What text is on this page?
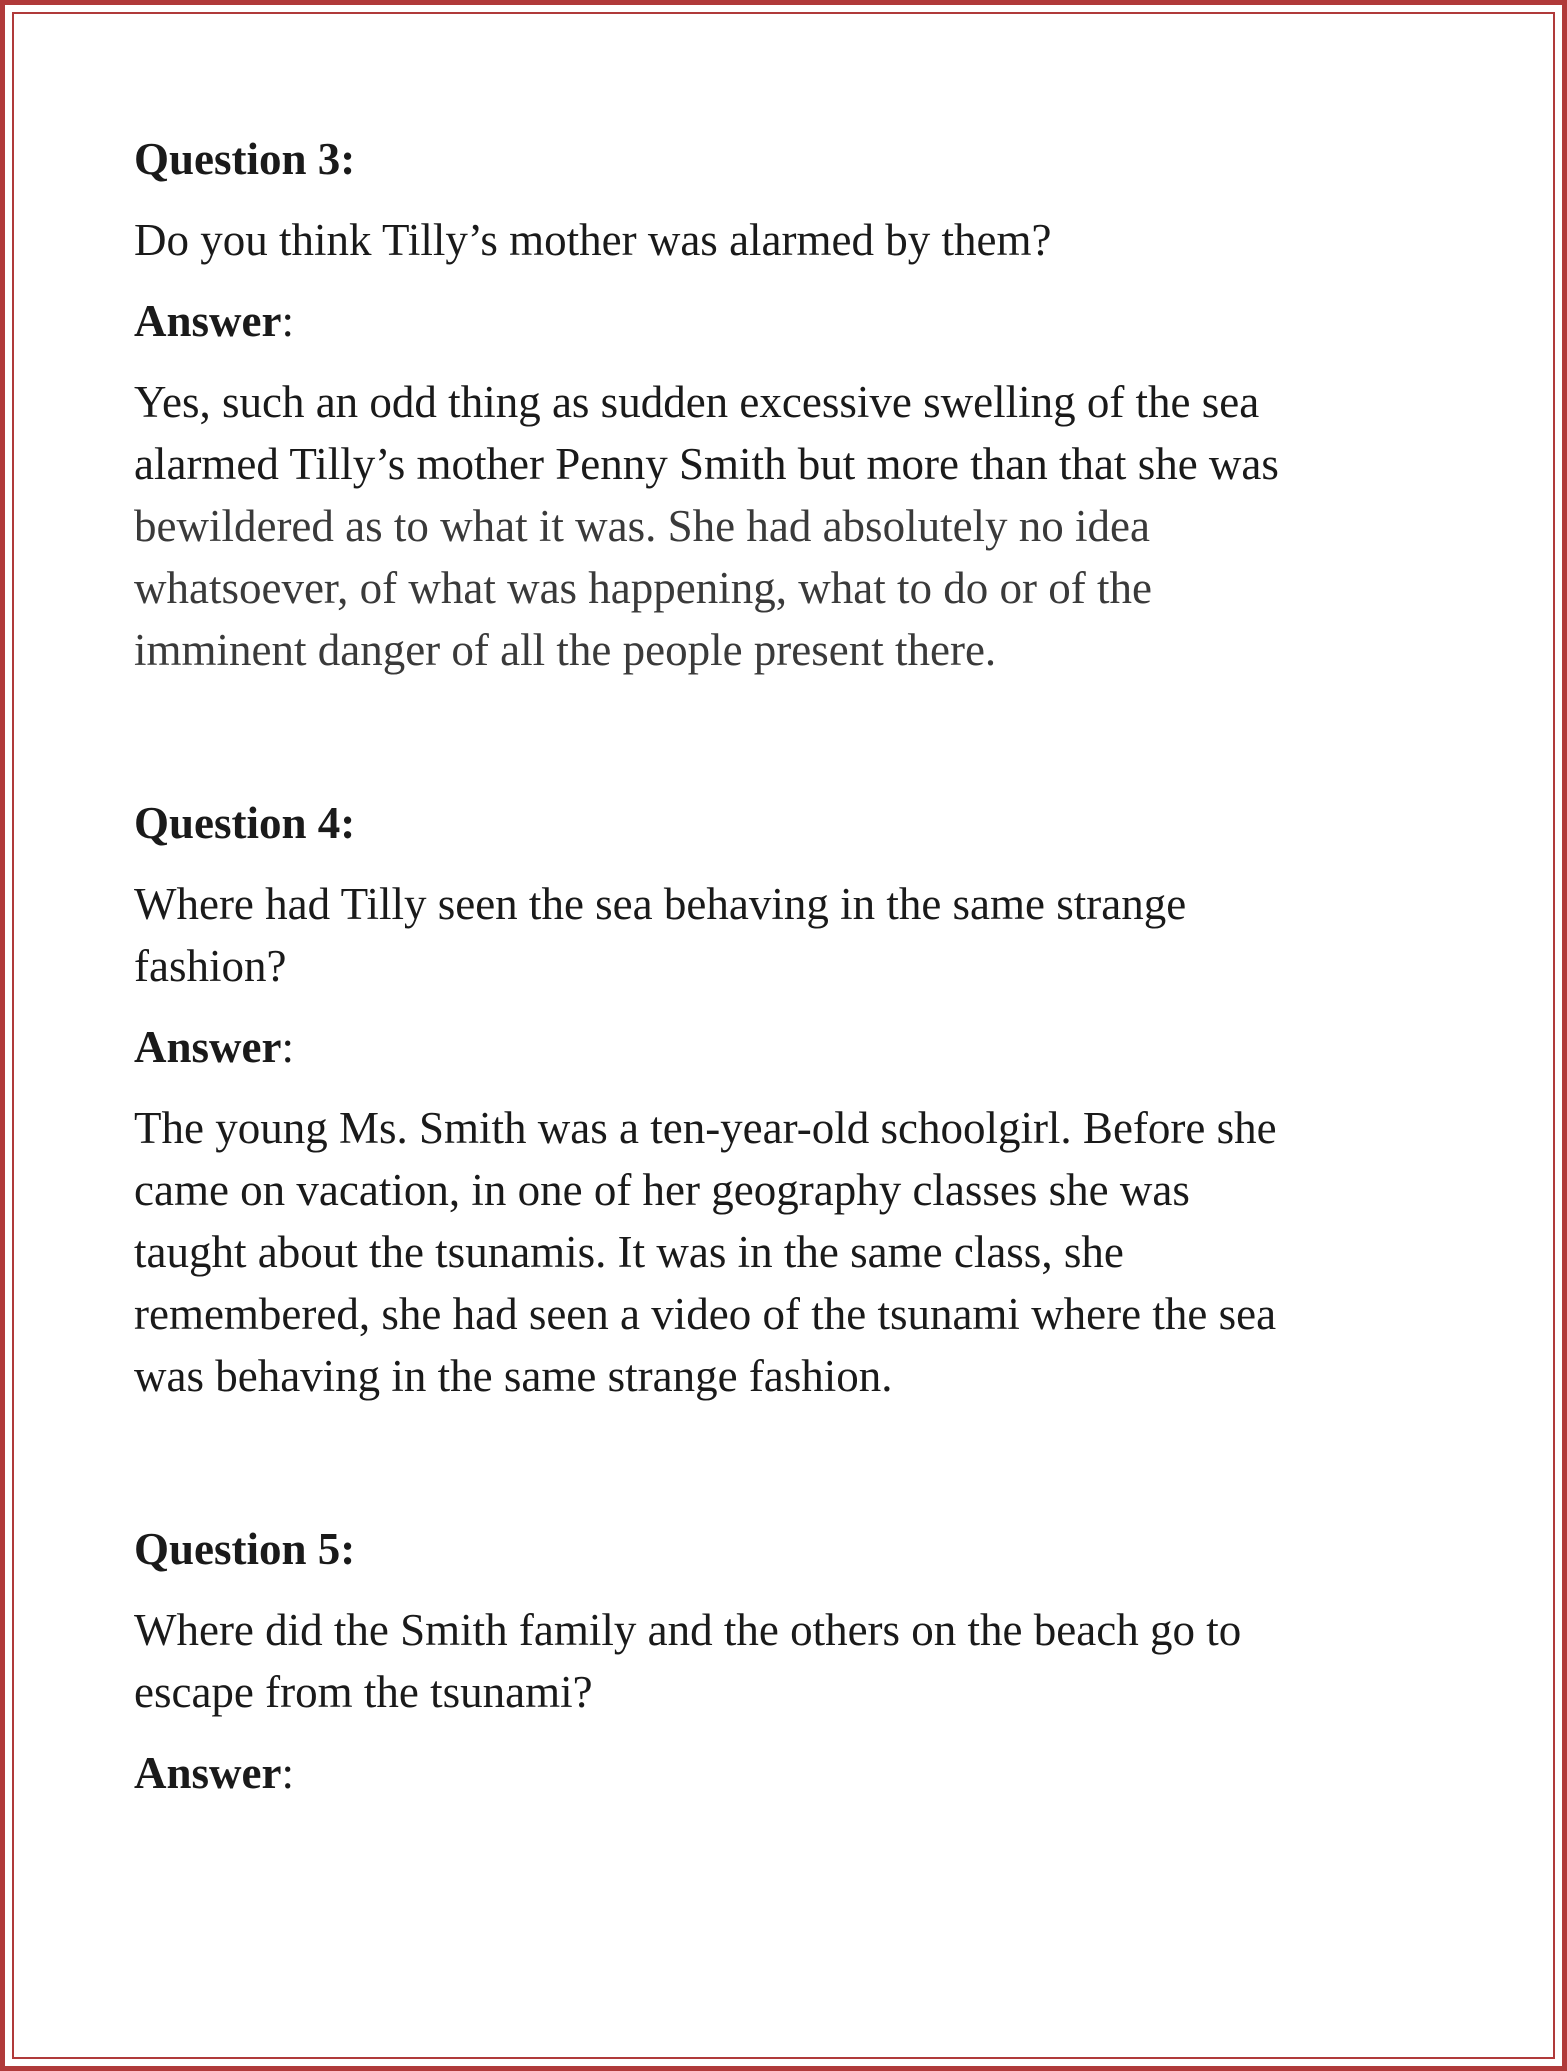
Question 3:

Do you think Tilly’s mother was alarmed by them?

Answer:

Yes, such an odd thing as sudden excessive swelling of the sea
alarmed Tilly’s mother Penny Smith but more than that she was
bewildered as to what it was. She had absolutely no idea
whatsoever, of what was happening, what to do or of the
imminent danger of all the people present there.

Question 4:

Where had Tilly seen the sea behaving in the same strange
fashion?

Answer:

The young Ms. Smith was a ten-year-old schoolgirl. Before she
came on vacation, in one of her geography classes she was
taught about the tsunamis. It was in the same class, she
remembered, she had seen a video of the tsunami where the sea
was behaving in the same strange fashion.

Question 5:

Where did the Smith family and the others on the beach go to
escape from the tsunami?

Answer:
